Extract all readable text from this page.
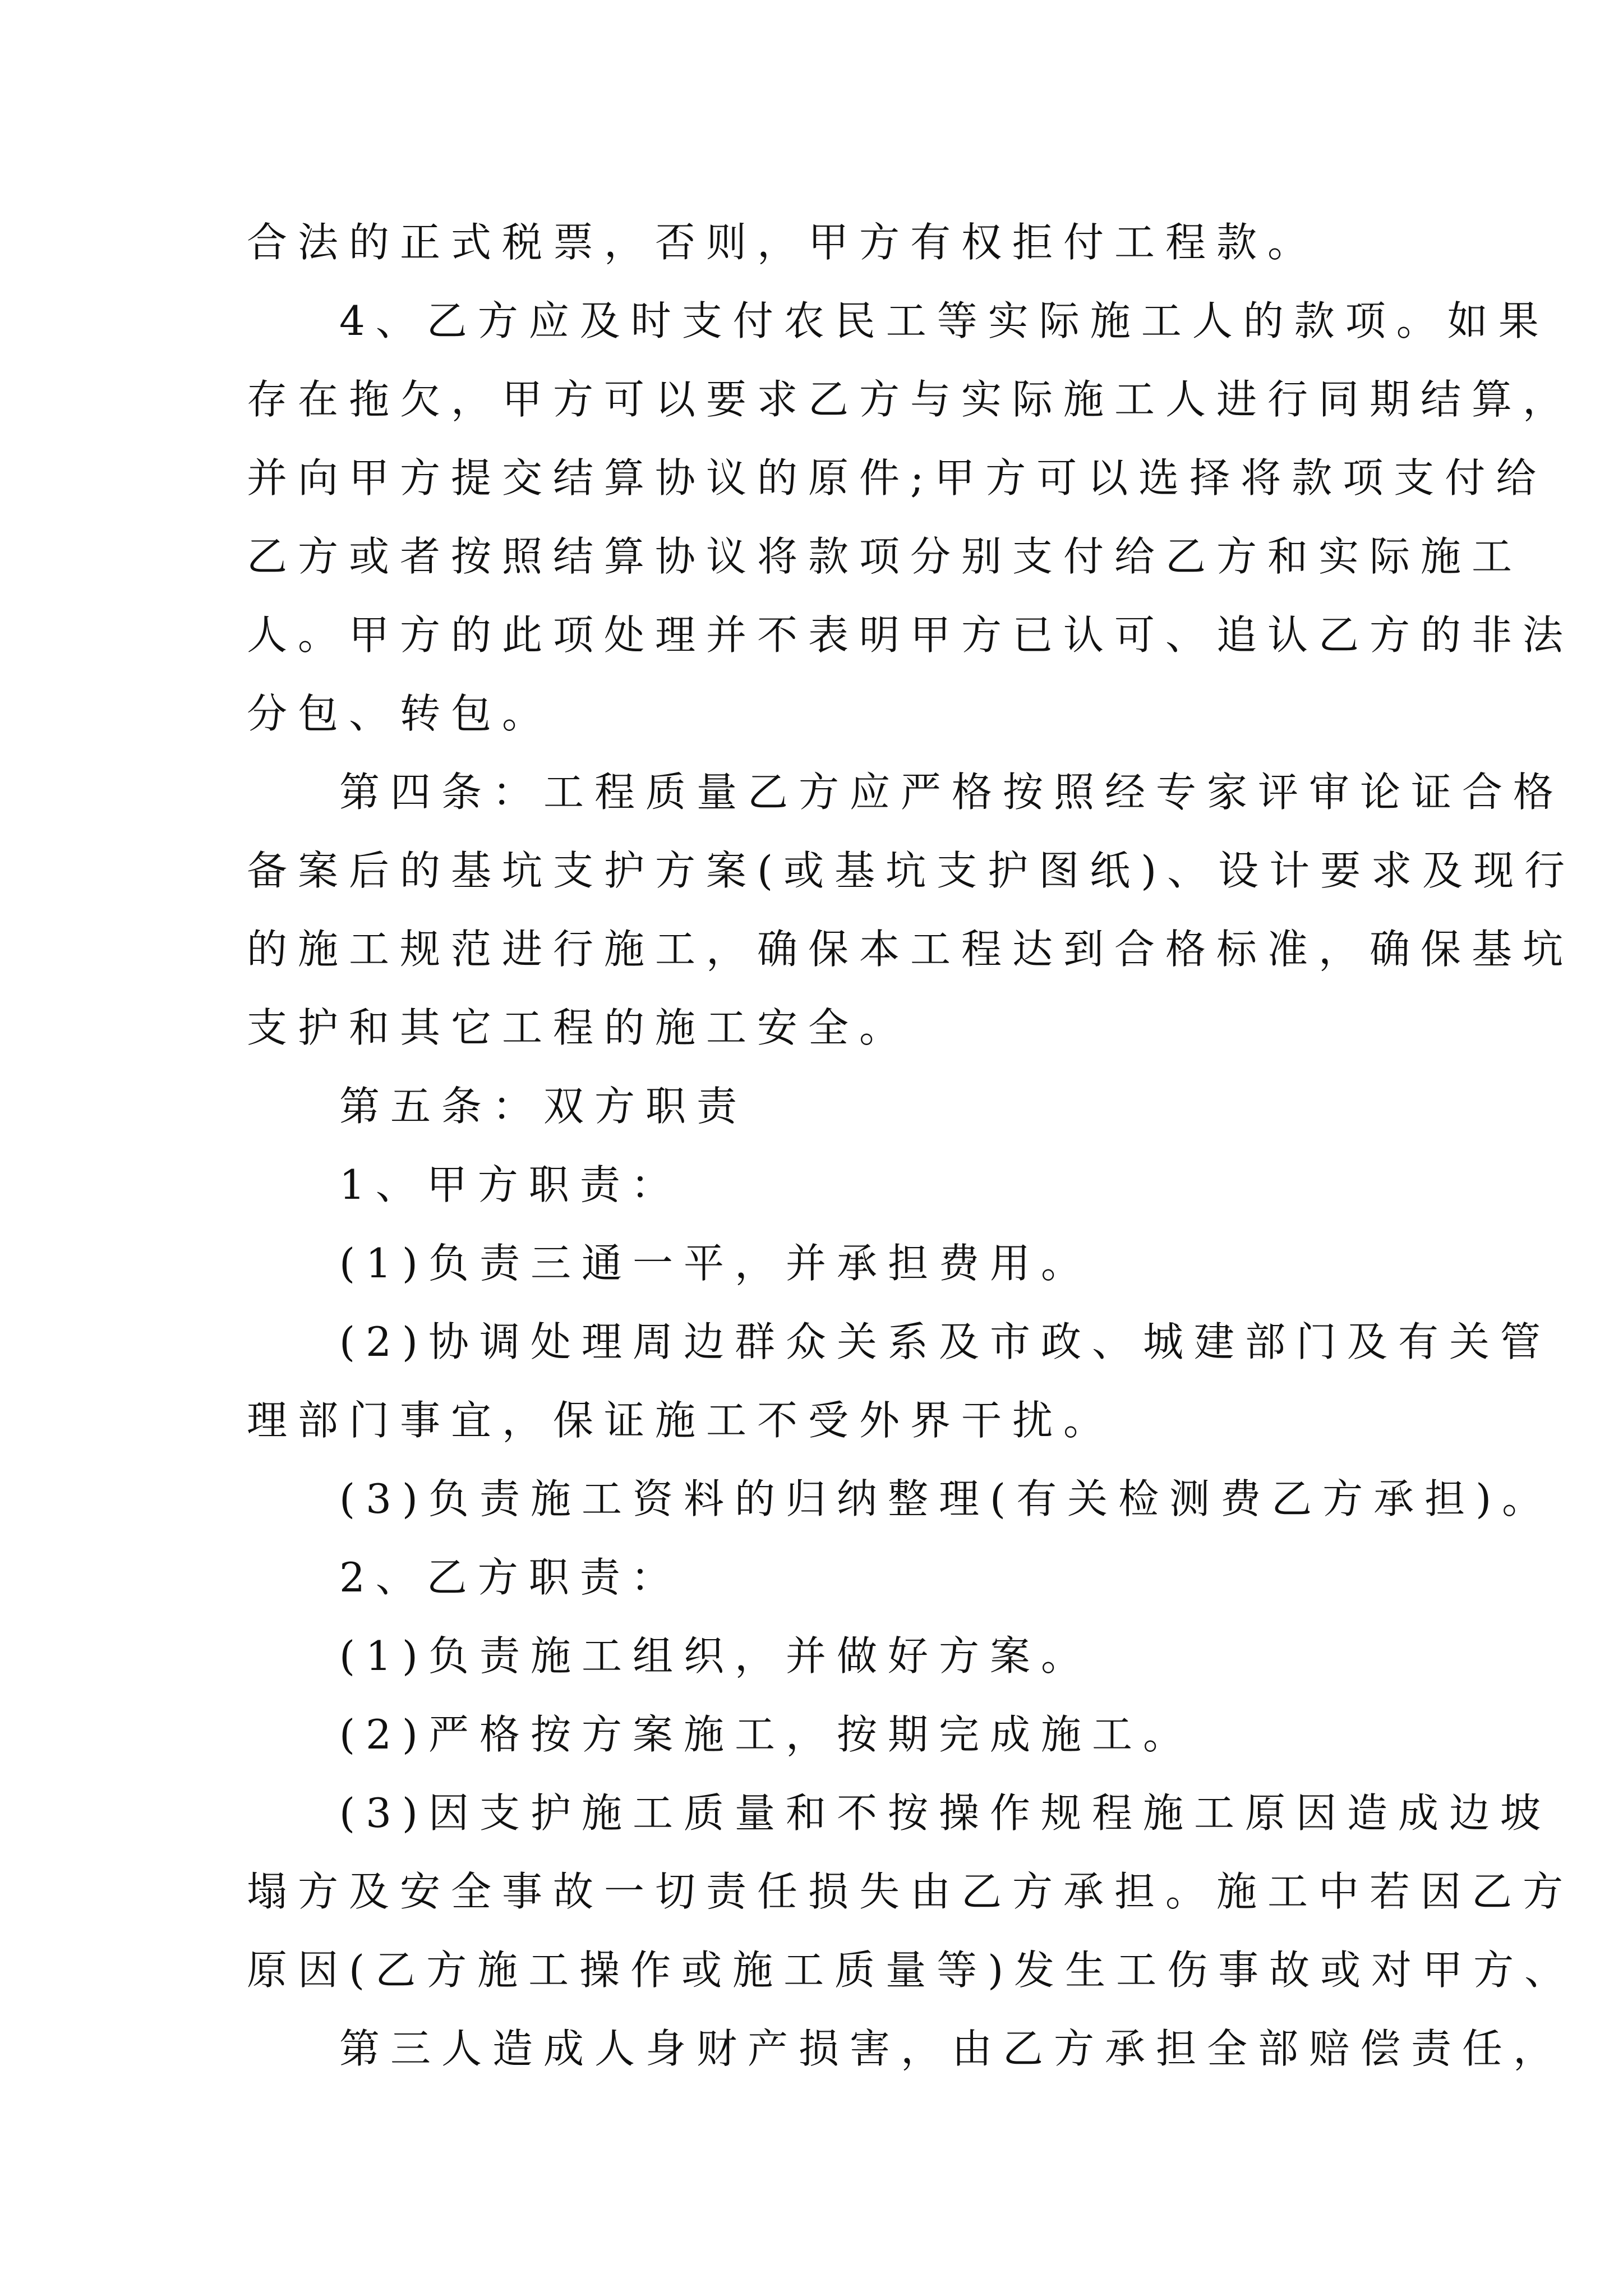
合法的正式税票，否则，甲方有权拒付工程款。
4、乙方应及时支付农民工等实际施工人的款项。如果
存在拖欠，甲方可以要求乙方与实际施工人进行同期结算，
并向甲方提交结算协议的原件;甲方可以选择将款项支付给
乙方或者按照结算协议将款项分别支付给乙方和实际施工
人。甲方的此项处理并不表明甲方已认可、追认乙方的非法
分包、转包。
第四条：工程质量乙方应严格按照经专家评审论证合格
备案后的基坑支护方案(或基坑支护图纸)、设计要求及现行
的施工规范进行施工，确保本工程达到合格标准，确保基坑
支护和其它工程的施工安全。
第五条：双方职责
1、甲方职责：
(1)负责三通一平，并承担费用。
(2)协调处理周边群众关系及市政、城建部门及有关管
理部门事宜，保证施工不受外界干扰。
(3)负责施工资料的归纳整理(有关检测费乙方承担)。
2、乙方职责：
(1)负责施工组织，并做好方案。
(2)严格按方案施工，按期完成施工。
(3)因支护施工质量和不按操作规程施工原因造成边坡
塌方及安全事故一切责任损失由乙方承担。施工中若因乙方
原因(乙方施工操作或施工质量等)发生工伤事故或对甲方、
第三人造成人身财产损害，由乙方承担全部赔偿责任，
